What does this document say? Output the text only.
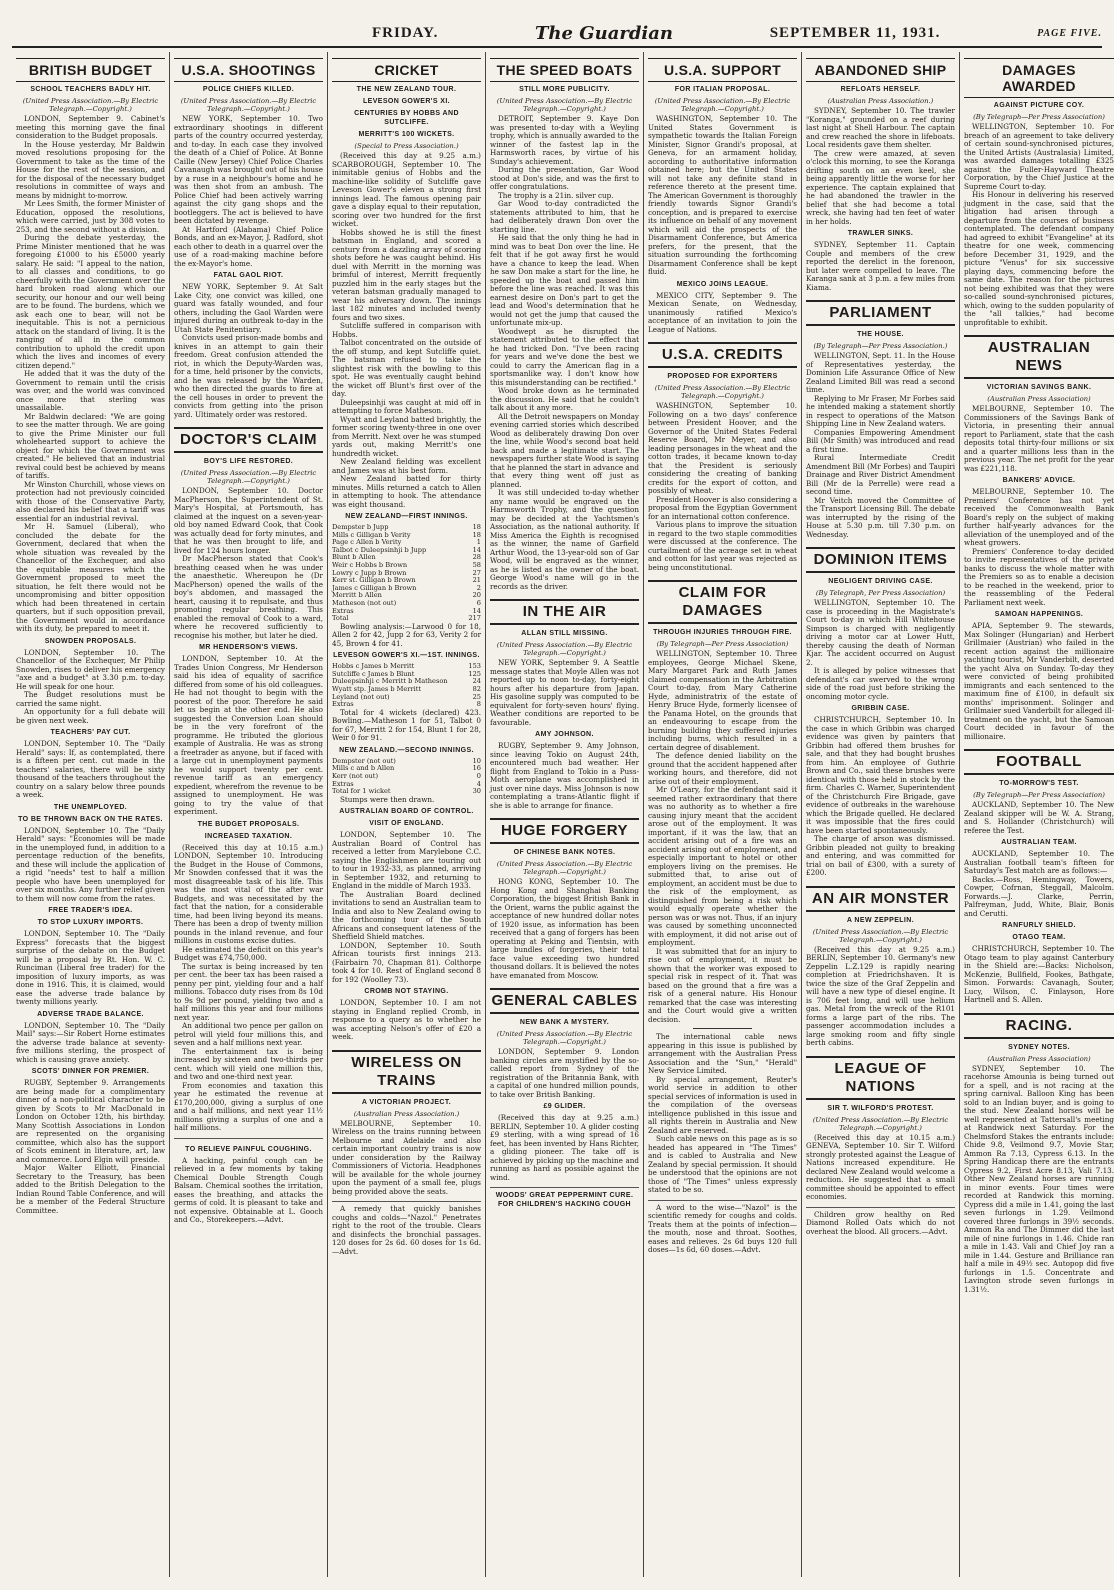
FRIDAY.	The Guardian	SEPTEMBER 11, 1931.	PAGE FIVE.
BRITISH BUDGET
SCHOOL TEACHERS BADLY HIT.
(United Press Association.—By Electric Telegraph.—Copyright.)

LONDON, September 9. Cabinet's meeting this morning gave the final consideration to the Budget proposals.

In the House yesterday, Mr Baldwin moved resolutions proposing for the Government to take as the time of the House for the rest of the session, and for the disposal of the necessary budget resolutions in committee of ways and means by midnight to-morrow.

Mr Lees Smith, the former Minister of Education, opposed the resolutions, which were carried, just by 308 votes to 253, and the second without a division.

During the debate yesterday, the Prime Minister mentioned that he was foregoing £1000 to his £5000 yearly salary. He said: "I appeal to the nation, to all classes and conditions, to go cheerfully with the Government over the hard broken road along which our security, our honour and our well being are to be found. The burdens, which we ask each one to bear, will not be inequitable. This is not a pernicious attack on the standard of living. It is the ranging of all in the common contribution to uphold the credit upon which the lives and incomes of every citizen depend."

He added that it was the duty of the Government to remain until the crisis was over, and the world was convinced once more that sterling was unassailable.

Mr Baldwin declared: "We are going to see the matter through. We are going to give the Prime Minister our full wholehearted support to achieve the object for which the Government was created." He believed that an industrial revival could best be achieved by means of tariffs.

Mr Winston Churchill, whose views on protection had not previously coincided with those of the Conservative Party, also declared his belief that a tariff was essential for an industrial revival.

Mr H. Samuel (Liberal), who concluded the debate for the Government, declared that when the whole situation was revealed by the Chancellor of the Exchequer, and also the equitable measures which the Government proposed to meet the situation, he felt there would not be uncompromising and bitter opposition which had been threatened in certain quarters, but if such opposition prevail, the Government would in accordance with its duty, be prepared to meet it.

SNOWDEN PROPOSALS.

LONDON, September 10. The Chancellor of the Exchequer, Mr Philip Snowden, rises to deliver his emergency "axe and a budget" at 3.30 p.m. to-day. He will speak for one hour.

The Budget resolutions must be carried the same night.

An opportunity for a full debate will be given next week.

TEACHERS' PAY CUT.

LONDON, September 10. The "Daily Herald" says: If, as contemplated, there is a fifteen per cent. cut made in the teachers' salaries, there will be sixty thousand of the teachers throughout the country on a salary below three pounds a week.

THE UNEMPLOYED.
TO BE THROWN BACK ON THE RATES.

LONDON, September 10. The "Daily Herald" says: "Economies will be made in the unemployed fund, in addition to a percentage reduction of the benefits, and these will include the application of a rigid "needs" test to half a million people who have been unemployed for over six months. Any further relief given to them will now come from the rates.

FREE TRADER'S IDEA.
TO STOP LUXURY IMPORTS.

LONDON, September 10. The "Daily Express" forecasts that the biggest surprise of the debate on the Budget will be a proposal by Rt. Hon. W. C. Runciman (Liberal free trader) for the imposition of luxury imports, as was done in 1916. This, it is claimed, would ease the adverse trade balance by twenty millions yearly.

ADVERSE TRADE BALANCE.

LONDON, September 10. The "Daily Mail" says:—Sir Robert Horne estimates the adverse trade balance at seventy-five millions sterling, the prospect of which is causing grave anxiety.

SCOTS' DINNER FOR PREMIER.

RUGBY, September 9. Arrangements are being made for a complimentary dinner of a non-political character to be given by Scots to Mr MacDonald in London on October 12th, his birthday. Many Scottish Associations in London are represented on the organising committee, which also has the support of Scots eminent in literature, art, law and commerce. Lord Elgin will preside.

Major Walter Elliott, Financial Secretary to the Treasury, has been added to the British Delegation to the Indian Round Table Conference, and will be a member of the Federal Structure Committee.

U.S.A. SHOOTINGS
POLICE CHIEFS KILLED.
(United Press Association.—By Electric Telegraph.—Copyright.)

NEW YORK, September 10. Two extraordinary shootings in different parts of the country occurred yesterday, and to-day. In each case they involved the death of a Chief of Police. At Bonne Caille (New Jersey) Chief Police Charles Cavanaugh was brought out of his house by a ruse in a neighbour's home and he was then shot from an ambush. The Police Chief had been actively warring against the city gang shops and the bootleggers. The act is believed to have been dictated by revenge.

At Hartford (Alabama) Chief Police Bonds, and an ex-Mayor, J. Radford, shot each other to death in a quarrel over the use of a road-making machine before the ex-Mayor's home.

FATAL GAOL RIOT.

NEW YORK, September 9. At Salt Lake City, one convict was killed, one guard was fatally wounded, and four others, including the Gaol Warden were injured during an outbreak to-day in the Utah State Penitentiary.

Convicts used prison-made bombs and knives in an attempt to gain their freedom. Great confusion attended the riot, in which the Deputy-Warden was, for a time, held prisoner by the convicts, and he was released by the Warden, who then directed the guards to fire at the cell houses in order to prevent the convicts from getting into the prison yard. Ultimately order was restored.

DOCTOR'S CLAIM
BOY'S LIFE RESTORED.
(United Press Association.—By Electric Telegraph.—Copyright.)

LONDON, September 10. Doctor MacPherson, the Superintendent of St. Mary's Hospital, at Portsmouth, has claimed at the inquest on a seven-year-old boy named Edward Cook, that Cook was actually dead for forty minutes, and that he was then brought to life, and lived for 124 hours longer.

Dr MacPherson stated that Cook's breathing ceased when he was under the anaesthetic. Whereupon he (Dr MacPherson) opened the walls of the boy's abdomen, and massaged the heart, causing it to repulsate, and thus promoting regular breathing. This enabled the removal of Cook to a ward, where he recovered sufficiently to recognise his mother, but later he died.

MR HENDERSON'S VIEWS.

LONDON, September 10. At the Trades Union Congress, Mr Henderson said his idea of equality of sacrifice differed from some of his old colleagues. He had not thought to begin with the poorest of the poor. Therefore he said let us begin at the other end. He also suggested the Conversion Loan should be in the very forefront of the programme. He tributed the glorious example of Australia. He was as strong a freetrader as anyone, but if faced with a large cut in unemployment payments he would support twenty per cent. revenue tariff as an emergency expedient, wherefrom the revenue to be assigned to unemployment. He was going to try the value of that experiment.

THE BUDGET PROPOSALS.
INCREASED TAXATION.

(Received this day at 10.15 a.m.) LONDON, September 10. Introducing the Budget in the House of Commons, Mr Snowden confessed that it was the most disagreeable task of his life. This was the most vital of the after war Budgets, and was necessitated by the fact that the nation, for a considerable time, had been living beyond its means. There has been a drop of twenty million pounds in the inland revenue, and four millions in customs excise duties.

He estimated the deficit on this year's Budget was £74,750,000.

The surtax is being increased by ten per cent. the beer tax has been raised a penny per pint, yielding four and a half millions. Tobacco duty rises from 8s 10d to 9s 9d per pound, yielding two and a half millions this year and four millions next year.

An additional two pence per gallon on petrol will yield four millions this, and seven and a half millions next year.

The entertainment tax is being increased by sixteen and two-thirds per cent. which will yield one million this, and two and one-third next year.

From economies and taxation this year he estimated the revenue at £170,200,000, giving a surplus of one and a half millions, and next year 11½ millions giving a surplus of one and a half millions.

TO RELIEVE PAINFUL COUGHING.

A hacking, painful cough can be relieved in a few moments by taking Chemical Double Strength Cough Balsam. Chemical soothes the irritation, eases the breathing, and attacks the germs of cold. It is pleasant to take and not expensive. Obtainable at L. Gooch and Co., Storekeepers.—Advt.

CRICKET
THE NEW ZEALAND TOUR.
LEVESON GOWER'S XI.
CENTURIES BY HOBBS AND SUTCLIFFE.
MERRITT'S 100 WICKETS.
(Special to Press Association.)

(Received this day at 9.25 a.m.) SCARBOROUGH, September 10. The inimitable genius of Hobbs and the machine-like solidity of Sutcliffe gave Leveson Gower's eleven a strong first innings lead. The famous opening pair gave a display equal to their reputation, scoring over two hundred for the first wicket.

Hobbs showed he is still the finest batsman in England, and scored a century from a dazzling array of scoring shots before he was caught behind. His duel with Merritt in the morning was brimful of interest, Merritt frequently puzzled him in the early stages but the veteran batsman gradually managed to wear his adversary down. The innings last 182 minutes and included twenty fours and two sixes.

Sutcliffe suffered in comparison with Hobbs.

Talbot concentrated on the outside of the off stump, and kept Sutcliffe quiet. The batsman refused to take the slightest risk with the bowling to this spot. He was eventually caught behind the wicket off Blunt's first over of the day.

Duleepsinhji was caught at mid off in attempting to force Matheson.

Wyatt and Leyland batted brightly, the former scoring twenty-three in one over from Merritt. Next over he was stumped yards out, making Merritt's one hundredth wicket.

New Zealand fielding was excellent and James was at his best form.

New Zealand batted for thirty minutes. Mills returned a catch to Allen in attempting to hook. The attendance was eight thousand.

NEW ZEALAND—FIRST INNINGS.
Dempster b Jupp	18
Mills c Gilligan b Verity	18
Page c Allen b Verity	1
Talbot c Duleepsinhji b Jupp	14
Blunt b Allen	28
Weir c Hobbs b Brown	58
Lowry c Jupp b Brown	27
Kerr st. Gilligan b Brown	21
James c Gilligan b Brown	2
Merritt b Allen	20
Matheson (not out)	6
Extras	14
Total	217

Bowling analysis:—Larwood 0 for 18, Allen 2 for 42, Jupp 2 for 63, Verity 2 for 45, Brown 4 for 41.

LEVESON GOWER'S XI.—1ST. INNINGS.
Hobbs c James b Merritt	153
Sutcliffe c James b Blunt	125
Duleepsinhji c Merritt b Matheson	24
Wyatt stp. James b Merritt	82
Leyland (not out)	25
Extras	8

Total for 4 wickets (declared) 423. Bowling.—Matheson 1 for 51, Talbot 0 for 67, Merritt 2 for 154, Blunt 1 for 28, Weir 0 for 91.

NEW ZEALAND.—SECOND INNINGS.
Dempster (not out)	10
Mills c and b Allen	16
Kerr (not out)	0
Extras	4
Total for 1 wicket	30

Stumps were then drawn.

AUSTRALIAN BOARD OF CONTROL.
VISIT OF ENGLAND.

LONDON, September 10. The Australian Board of Control has received a letter from Marylebone C.C. saying the Englishmen are touring out to tour in 1932-33, as planned, arriving in September 1932, and returning to England in the middle of March 1933.

The Australian Board declined invitations to send an Australian team to India and also to New Zealand owing to the forthcoming tour of the South Africans and consequent lateness of the Sheffield Shield matches.

LONDON, September 10. South African tourists first innings 213. (Fairbairn 70, Chapman 81). Colthorpe took 4 for 10. Rest of England second 8 for 192 (Woolley 73).

CROMB NOT STAYING.

LONDON, September 10. I am not staying in England replied Cromb, in response to a query as to whether he was accepting Nelson's offer of £20 a week.

WIRELESS ON TRAINS
A VICTORIAN PROJECT.
(Australian Press Association.)

MELBOURNE, September 10. Wireless on the trains running between Melbourne and Adelaide and also certain important country trains is now under consideration by the Railway Commissioners of Victoria. Headphones will be available for the whole journey upon the payment of a small fee, plugs being provided above the seats.

A remedy that quickly banishes coughs and colds—"Nazol." Penetrates right to the root of the trouble. Clears and disinfects the bronchial passages. 120 doses for 2s 6d. 60 doses for 1s 6d.—Advt.

THE SPEED BOATS
STILL MORE PUBLICITY.
(United Press Association.—By Electric Telegraph.—Copyright.)

DETROIT, September 9. Kaye Don was presented to-day with a Weyling trophy, which is annually awarded to the winner of the fastest lap in the Harmsworth races, by virtue of his Sunday's achievement.

During the presentation, Gar Wood stood at Don's side, and was the first to offer congratulations.

The trophy is a 21in. silver cup.

Gar Wood to-day contradicted the statements attributed to him, that he had deliberately drawn Don over the starting line.

He said that the only thing he had in mind was to beat Don over the line. He felt that if he got away first he would have a chance to keep the lead. When he saw Don make a start for the line, he speeded up the boat and passed him before the line was reached. It was this earnest desire on Don's part to get the lead and Wood's determination that he would not get the jump that caused the unfortunate mix-up.

Woodwept as he disrupted the statement attributed to the effect that he had tricked Don. "I've been racing for years and we've done the best we could to carry the American flag in a sportsmanlike way. I don't know how this misunderstanding can be rectified."

Wood broke down as he terminated the discussion. He said that he couldn't talk about it any more.

All the Detroit newspapers on Monday evening carried stories which described Wood as deliberately drawing Don over the line, while Wood's second boat held back and made a legitimate start. The newspapers further state Wood is saying that he planned the start in advance and that every thing went off just as planned.

It was still undecided to-day whether any name would be engraved on the Harmsworth Trophy, and the question may be decided at the Yachtsmen's Association, as the national authority. If Miss America the Eighth is recognised as the winner, the name of Garfield Arthur Wood, the 13-year-old son of Gar Wood, will be engraved as the winner, as he is listed as the owner of the boat. George Wood's name will go in the records as the driver.

IN THE AIR
ALLAN STILL MISSING.
(United Press Association.—By Electric Telegraph.—Copyright.)

NEW YORK, September 9. A Seattle message states that Moyle Allen was not reported up to noon to-day, forty-eight hours after his departure from Japan. His gasoline supply was computed to be equivalent for forty-seven hours' flying. Weather conditions are reported to be favourable.

AMY JOHNSON.

RUGBY, September 9. Amy Johnson, since leaving Tokio on August 24th, encountered much bad weather. Her flight from England to Tokio in a Puss-Moth aeroplane was accomplished in just over nine days. Miss Johnson is now contemplating a trans-Atlantic flight if she is able to arrange for finance.

HUGE FORGERY
OF CHINESE BANK NOTES.
(United Press Association.—By Electric Telegraph.—Copyright.)

HONG KONG, September 10. The Hong Kong and Shanghai Banking Corporation, the biggest British Bank in the Orient, warns the public against the acceptance of new hundred dollar notes of 1920 issue, as information has been received that a gang of forgers has been operating at Peking and Tientsin, with large bundles of forgeries, their total face value exceeding two hundred thousand dollars. It is believed the notes have emanated from Moscow.

GENERAL CABLES
NEW BANK A MYSTERY.
(United Press Association.—By Electric Telegraph.—Copyright.)

LONDON, September 9. London banking circles are mystified by the so-called report from Sydney of the registration of the Britannia Bank, with a capital of one hundred million pounds, to take over British Banking.

£9 GLIDER.

(Received this day at 9.25 a.m.) BERLIN, September 10. A glider costing £9 sterling, with a wing spread of 16 feet, has been invented by Hans Richter, a gliding pioneer. The take off is achieved by picking up the machine and running as hard as possible against the wind.

WOODS' GREAT PEPPERMINT CURE. FOR CHILDREN'S HACKING COUGH
U.S.A. SUPPORT
FOR ITALIAN PROPOSAL.
(United Press Association.—By Electric Telegraph.—Copyright.)

WASHINGTON, September 10. The United States Government is sympathetic towards the Italian Foreign Minister, Signor Grandi's proposal, at Geneva, for an armament holiday, according to authoritative information obtained here; but the United States will not take any definite stand in reference thereto at the present time. The American Government is thoroughly friendly towards Signor Grandi's conception, and is prepared to exercise its influence on behalf of any movement which will aid the prospects of the Disarmament Conference, but America prefers, for the present, that the situation surrounding the forthcoming Disarmament Conference shall be kept fluid.

MEXICO JOINS LEAGUE.

MEXICO CITY, September 9. The Mexican Senate, on Wednesday, unanimously ratified Mexico's acceptance of an invitation to join the League of Nations.

U.S.A. CREDITS
PROPOSED FOR EXPORTERS
(United Press Association.—By Electric Telegraph.—Copyright.)

WASHINGTON, September 10. Following on a two days' conference between President Hoover, and the Governor of the United States Federal Reserve Board, Mr Meyer, and also leading personages in the wheat and the cotton trades, it became known to-day that the President is seriously considering the creating of banking credits for the export of cotton, and possibly of wheat.

President Hoover is also considering a proposal from the Egyptian Government for an international cotton conference.

Various plans to improve the situation in regard to the two staple commodities were discussed at the conference. The curtailment of the acreage set in wheat and cotton for last year was rejected as being unconstitutional.

CLAIM FOR DAMAGES
THROUGH INJURIES THROUGH FIRE.
(By Telegraph—Per Press Association)

WELLINGTON, September 10. Three employees, George Michael Skene, Mary Margaret Park and Ruth James claimed compensation in the Arbitration Court to-day, from Mary Catherine Hyde, administratrix of the estate of Henry Bruce Hyde, formerly licensee of the Panama Hotel, on the grounds that an endeavouring to escape from the burning building they suffered injuries including burns, which resulted in a certain degree of disablement.

The defence denied liability on the ground that the accident happened after working hours, and therefore, did not arise out of their employment.

Mr O'Leary, for the defendant said it seemed rather extraordinary that there was no authority as to whether a fire causing injury meant that the accident arose out of the employment. It was important, if it was the law, that an accident arising out of a fire was an accident arising out of employment, and especially important to hotel or other employers living on the premises. He submitted that, to arise out of employment, an accident must be due to the risk of the employment, as distinguished from being a risk which would equally operate whether the person was or was not. Thus, if an injury was caused by something unconnected with employment, it did not arise out of employment.

It was submitted that for an injury to rise out of employment, it must be shown that the worker was exposed to special risk in respect of it. That was based on the ground that a fire was a risk of a general nature. His Honour remarked that the case was interesting and the Court would give a written decision.

The international cable news appearing in this issue is published by arrangement with the Australian Press Association and the "Sun," "Herald" New Service Limited.

By special arrangement, Reuter's world service in addition to other special services of information is used in the compilation of the overseas intelligence published in this issue and all rights therein in Australia and New Zealand are reserved.

Such cable news on this page as is so headed has appeared in "The Times" and is cabled to Australia and New Zealand by special permission. It should be understood that the opinions are not those of "The Times" unless expressly stated to be so.

A word to the wise—"Nazol" is the scientific remedy for coughs and colds. Treats them at the points of infection—the mouth, nose and throat. Soothes, eases and relieves. 2s 6d buys 120 full doses—1s 6d, 60 doses.—Advt.

ABANDONED SHIP
REFLOATS HERSELF.
(Australian Press Association.)

SYDNEY, September 10. The trawler "Koranga," grounded on a reef during last night at Shell Harbour. The captain and crew reached the shore in lifeboats. Local residents gave them shelter.

The crew were amazed, at seven o'clock this morning, to see the Koranga drifting south on an even keel, she being apparently little the worse for her experience. The captain explained that he had abandoned the trawler in the belief that she had become a total wreck, she having had ten feet of water in her holds.

TRAWLER SINKS.

SYDNEY, September 11. Captain Couple and members of the crew reported the derelict in the forenoon, but later were compelled to leave. The Karanga sank at 3 p.m. a few miles from Kiama.

PARLIAMENT
THE HOUSE.
(By Telegraph—Per Press Association.)

WELLINGTON, Sept. 11. In the House of Representatives yesterday, the Dominion Life Assurance Office of New Zealand Limited Bill was read a second time.

Replying to Mr Fraser, Mr Forbes said he intended making a statement shortly in respect to operations of the Matson Shipping Line in New Zealand waters.

Companies Empowering Amendment Bill (Mr Smith) was introduced and read a first time.

Rural Intermediate Credit Amendment Bill (Mr Forbes) and Taupiri Drainage and River District Amendment Bill (Mr de la Perrelle) were read a second time.

Mr Veitch moved the Committee of the Transport Licensing Bill. The debate was interrupted by the rising of the House at 5.30 p.m. till 7.30 p.m. on Wednesday.

DOMINION ITEMS
NEGLIGENT DRIVING CASE.
(By Telegraph, Per Press Association)

WELLINGTON, September 10. The case is proceeding in the Magistrate's Court to-day in which Hill Whitehouse Simpson is charged with negligently driving a motor car at Lower Hutt, thereby causing the death of Norman Kjar. The accident occurred on August 2.

It is alleged by police witnesses that defendant's car swerved to the wrong side of the road just before striking the oncoming motor cycle.

GRIBBIN CASE.

CHRISTCHURCH, September 10. In the case in which Gribbin was charged evidence was given by painters that Gribbin had offered them brushes for sale, and that they had bought brushes from him. An employee of Guthrie Brown and Co., said these brushes were identical with those held in stock by the firm. Charles C. Warner, Superintendent of the Christchurch Fire Brigade, gave evidence of outbreaks in the warehouse which the Brigade quelled. He declared it was impossible that the fires could have been started spontaneously.

The charge of arson was dismissed. Gribbin pleaded not guilty to breaking and entering, and was committed for trial on bail of £300, with a surety of £200.

AN AIR MONSTER
A NEW ZEPPELIN.
(United Press Association.—By Electric Telegraph.—Copyright.)

(Received this day at 9.25 a.m.) BERLIN, September 10. Germany's new Zeppelin L.Z.129 is rapidly nearing completion at Friedrichshaven. It is twice the size of the Graf Zeppelin and will have a new type of diesel engine. It is 706 feet long, and will use helium gas. Metal from the wreck of the R101 forms a large part of the ribs. The passenger accommodation includes a large smoking room and fifty single berth cabins.

LEAGUE OF NATIONS
SIR T. WILFORD'S PROTEST.
(United Press Association.—By Electric Telegraph.—Copyright.)

(Received this day at 10.15 a.m.) GENEVA, September 10. Sir T. Wilford strongly protested against the League of Nations increased expenditure. He declared New Zealand would welcome a reduction. He suggested that a small committee should be appointed to effect economies.

Children grow healthy on Red Diamond Rolled Oats which do not overheat the blood. All grocers.—Advt.

DAMAGES AWARDED
AGAINST PICTURE COY.
(By Telegraph—Per Press Association)

WELLINGTON, September 10. For breach of an agreement to take delivery of certain sound-synchronised pictures, the United Artists (Australasia) Limited, was awarded damages totalling £325 against the Fuller-Hayward Theatre Corporation, by the Chief Justice at the Supreme Court to-day.

His Honour in delivering his reserved judgment in the case, said that the litigation had arisen through a departure from the courses of business contemplated. The defendant company had agreed to exhibit "Evangeline" at its theatre for one week, commencing before December 31, 1929, and the picture "Venus" for six successive playing days, commencing before the same date. The reason for the pictures not being exhibited was that they were so-called sound-synchronised pictures, which, owing to the sudden popularity of the "all talkies," had become unprofitable to exhibit.

AUSTRALIAN NEWS
VICTORIAN SAVINGS BANK.
(Australian Press Association)

MELBOURNE, September 10. The Commissioners of the Savings Bank of Victoria, in presenting their annual report to Parliament, state that the cash deposits total thirty-four millions or six and a quarter millions less than in the previous year. The net profit for the year was £221,118.

BANKERS' ADVICE.

MELBOURNE, September 10. The Premiers' Conference has not yet received the Commonwealth Bank Board's reply on the subject of making further half-yearly advances for the alleviation of the unemployed and of the wheat growers.

Premiers' Conference to-day decided to invite representatives of the private banks to discuss the whole matter with the Premiers so as to enable a decision to be reached in the weekend, prior to the reassembling of the Federal Parliament next week.

SAMOAN HAPPENINGS.

APIA, September 9. The stewards, Max Solinger (Hungarian) and Herbert Grillmaier (Austrian) who failed in the recent action against the millionaire yachting tourist, Mr Vanderbilt, deserted the yacht Alva on Sunday. To-day they were convicted of being prohibited immigrants and each sentenced to the maximum fine of £100, in default six months' imprisonment. Solinger and Grillmaier sued Vanderbilt for alleged ill-treatment on the yacht, but the Samoan Court decided in favour of the millionaire.

FOOTBALL
TO-MORROW'S TEST.
(By Telegraph—Per Press Association)

AUCKLAND, September 10. The New Zealand skipper will be W. A. Strang, and S. Hollander (Christchurch) will referee the Test.

AUSTRALIAN TEAM.

AUCKLAND, September 10. The Australian football team's fifteen for Saturday's Test match are as follows:—

Backs.—Ross, Hemingway, Towers, Cowper, Cofrnan, Steggall, Malcolm. Forwards.—J. Clarke, Perrin, Palfreyman, Judd, White, Blair, Bonis and Cerutti.

RANFURLY SHIELD.
OTAGO TEAM.

CHRISTCHURCH, September 10. The Otago team to play against Canterbury in the Shield are:—Backs: Nicholson, McKenzie, Bullfield, Fookes, Bathgate, Simon. Forwards: Cavanagh, Souter, Lucy, Wilson, C. Finlayson, Hore Hartnell and S. Allen.

RACING.
SYDNEY NOTES.
(Australian Press Association)

SYDNEY, September 10. The racehorse Amounia is being turned out for a spell, and is not racing at the spring carnival. Balloon King has been sold to an Indian buyer, and is going to the stud. New Zealand horses will be well represented at Tattersall's meeting at Randwick next Saturday. For the Chelmsford Stakes the entrants include: Chide 9.8, Veilmond 9.7, Movie Star, Ammon Ra 7.13, Cypress 6.13. In the Spring Handicap there are the entrants Cypress 9.2, First Acre 8.13, Vali 7.13. Other New Zealand horses are running in minor events. Four times were recorded at Randwick this morning. Cypress did a mile in 1.41, going the last seven furlongs in 1.29. Veilmond covered three furlongs in 39½ seconds. Ammon Ra and The Dimmer did the last mile of nine furlongs in 1.46. Chide ran a mile in 1.43. Vali and Chief Joy ran a mile in 1.44. Gesture and Brilliance ran half a mile in 49½ sec. Autopop did five furlongs in 1.5. Concentrate and Lavington strode seven furlongs in 1.31½.
